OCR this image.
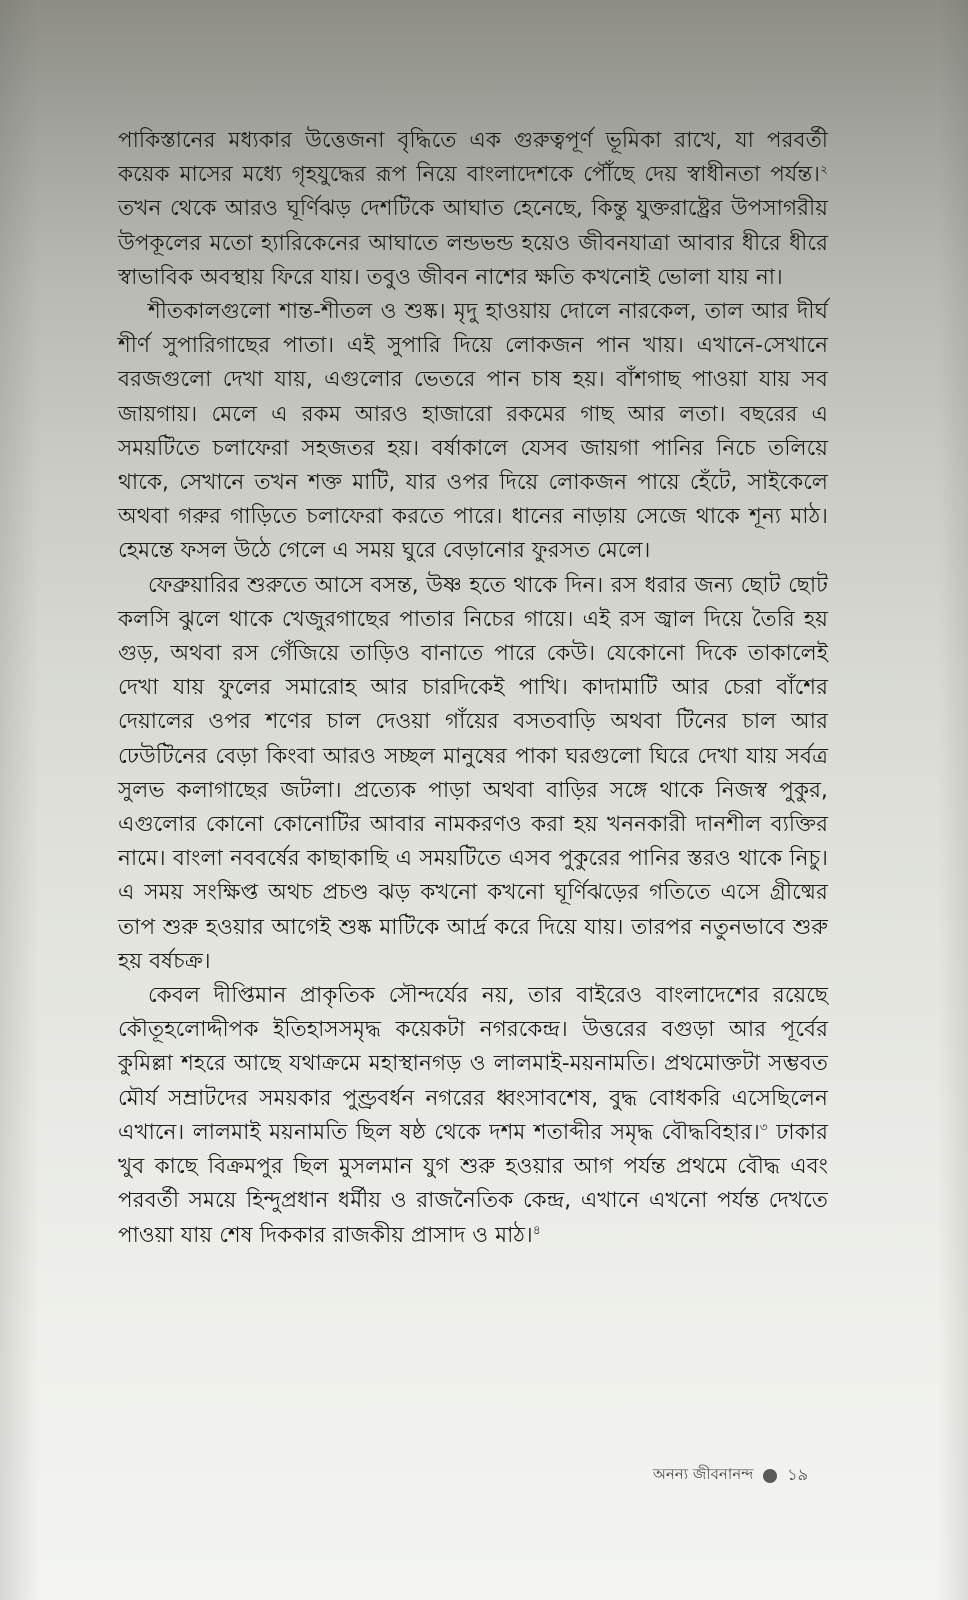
পাকিস্তানের মধ্যকার উত্তেজনা বৃদ্ধিতে এক গুরুত্বপূর্ণ ভূমিকা রাখে, যা পরবর্তী কয়েক মাসের মধ্যে গৃহযুদ্ধের রূপ নিয়ে বাংলাদেশকে পৌঁছে দেয় স্বাধীনতা পর্যন্ত।$^২$ তখন থেকে আরও ঘূর্ণিঝড় দেশটিকে আঘাত হেনেছে, কিন্তু যুক্তরাষ্ট্রের উপসাগরীয় উপকূলের মতো হ্যারিকেনের আঘাতে লন্ডভন্ড হয়েও জীবনযাত্রা আবার ধীরে ধীরে স্বাভাবিক অবস্থায় ফিরে যায়। তবুও জীবন নাশের ক্ষতি কখনোই ভোলা যায় না।

শীতকালগুলো শান্ত-শীতল ও শুষ্ক। মৃদু হাওয়ায় দোলে নারকেল, তাল আর দীর্ঘ শীর্ণ সুপারিগাছের পাতা। এই সুপারি দিয়ে লোকজন পান খায়। এখানে-সেখানে বরজগুলো দেখা যায়, এগুলোর ভেতরে পান চাষ হয়। বাঁশগাছ পাওয়া যায় সব জায়গায়। মেলে এ রকম আরও হাজারো রকমের গাছ আর লতা। বছরের এ সময়টিতে চলাফেরা সহজতর হয়। বর্ষাকালে যেসব জায়গা পানির নিচে তলিয়ে থাকে, সেখানে তখন শক্ত মাটি, যার ওপর দিয়ে লোকজন পায়ে হেঁটে, সাইকেলে অথবা গরুর গাড়িতে চলাফেরা করতে পারে। ধানের নাড়ায় সেজে থাকে শূন্য মাঠ। হেমন্তে ফসল উঠে গেলে এ সময় ঘুরে বেড়ানোর ফুরসত মেলে।

ফেব্রুয়ারির শুরুতে আসে বসন্ত, উষ্ণ হতে থাকে দিন। রস ধরার জন্য ছোট ছোট কলসি ঝুলে থাকে খেজুরগাছের পাতার নিচের গায়ে। এই রস জ্বাল দিয়ে তৈরি হয় গুড়, অথবা রস গেঁজিয়ে তাড়িও বানাতে পারে কেউ। যেকোনো দিকে তাকালেই দেখা যায় ফুলের সমারোহ আর চারদিকেই পাখি। কাদামাটি আর চেরা বাঁশের দেয়ালের ওপর শণের চাল দেওয়া গাঁয়ের বসতবাড়ি অথবা টিনের চাল আর ঢেউটিনের বেড়া কিংবা আরও সচ্ছল মানুষের পাকা ঘরগুলো ঘিরে দেখা যায় সর্বত্র সুলভ কলাগাছের জটলা। প্রত্যেক পাড়া অথবা বাড়ির সঙ্গে থাকে নিজস্ব পুকুর, এগুলোর কোনো কোনোটির আবার নামকরণও করা হয় খননকারী দানশীল ব্যক্তির নামে। বাংলা নববর্ষের কাছাকাছি এ সময়টিতে এসব পুকুরের পানির স্তরও থাকে নিচু। এ সময় সংক্ষিপ্ত অথচ প্রচণ্ড ঝড় কখনো কখনো ঘূর্ণিঝড়ের গতিতে এসে গ্রীষ্মের তাপ শুরু হওয়ার আগেই শুষ্ক মাটিকে আর্দ্র করে দিয়ে যায়। তারপর নতুনভাবে শুরু হয় বর্ষচক্র।

কেবল দীপ্তিমান প্রাকৃতিক সৌন্দর্যের নয়, তার বাইরেও বাংলাদেশের রয়েছে কৌতূহলোদ্দীপক ইতিহাসসমৃদ্ধ কয়েকটা নগরকেন্দ্র। উত্তরের বগুড়া আর পূর্বের কুমিল্লা শহরে আছে যথাক্রমে মহাস্থানগড় ও লালমাই-ময়নামতি। প্রথমোক্তটা সম্ভবত মৌর্য সম্রাটদের সময়কার পুণ্ড্রবর্ধন নগরের ধ্বংসাবশেষ, বুদ্ধ বোধকরি এসেছিলেন এখানে। লালমাই ময়নামতি ছিল ষষ্ঠ থেকে দশম শতাব্দীর সমৃদ্ধ বৌদ্ধবিহার।$^৩$ ঢাকার খুব কাছে বিক্রমপুর ছিল মুসলমান যুগ শুরু হওয়ার আগ পর্যন্ত প্রথমে বৌদ্ধ এবং পরবর্তী সময়ে হিন্দুপ্রধান ধর্মীয় ও রাজনৈতিক কেন্দ্র, এখানে এখনো পর্যন্ত দেখতে পাওয়া যায় শেষ দিককার রাজকীয় প্রাসাদ ও মাঠ।$^৪$

অনন্য জীবনানন্দ ১৯
